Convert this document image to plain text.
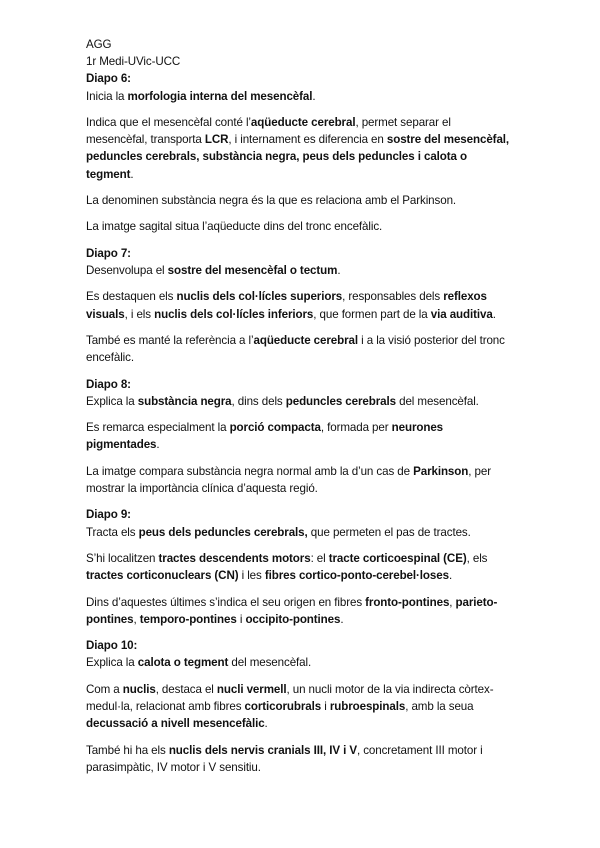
AGG

1r Medi-UVic-UCC

Diapo 6:

Inicia la morfologia interna del mesencèfal.

Indica que el mesencèfal conté l’aqüeducte cerebral, permet separar el mesencèfal, transporta LCR, i internament es diferencia en sostre del mesencèfal, peduncles cerebrals, substància negra, peus dels peduncles i calota o tegment.

La denominen substància negra és la que es relaciona amb el Parkinson.

La imatge sagital situa l’aqüeducte dins del tronc encefàlic.

Diapo 7:

Desenvolupa el sostre del mesencèfal o tectum.

Es destaquen els nuclis dels col·lícles superiors, responsables dels reflexos visuals, i els nuclis dels col·lícles inferiors, que formen part de la via auditiva.

També es manté la referència a l’aqüeducte cerebral i a la visió posterior del tronc encefàlic.

Diapo 8:

Explica la substància negra, dins dels peduncles cerebrals del mesencèfal.

Es remarca especialment la porció compacta, formada per neurones pigmentades.

La imatge compara substància negra normal amb la d’un cas de Parkinson, per mostrar la importància clínica d’aquesta regió.

Diapo 9:

Tracta els peus dels peduncles cerebrals, que permeten el pas de tractes.

S’hi localitzen tractes descendents motors: el tracte corticoespinal (CE), els tractes corticonuclears (CN) i les fibres cortico-ponto-cerebel·loses.

Dins d’aquestes últimes s’indica el seu origen en fibres fronto-pontines, parieto-pontines, temporo-pontines i occipito-pontines.

Diapo 10:

Explica la calota o tegment del mesencèfal.

Com a nuclis, destaca el nucli vermell, un nucli motor de la via indirecta còrtex-medul·la, relacionat amb fibres corticorubrals i rubroespinals, amb la seua decussació a nivell mesencefàlic.

També hi ha els nuclis dels nervis cranials III, IV i V, concretament III motor i parasimpàtic, IV motor i V sensitiu.
